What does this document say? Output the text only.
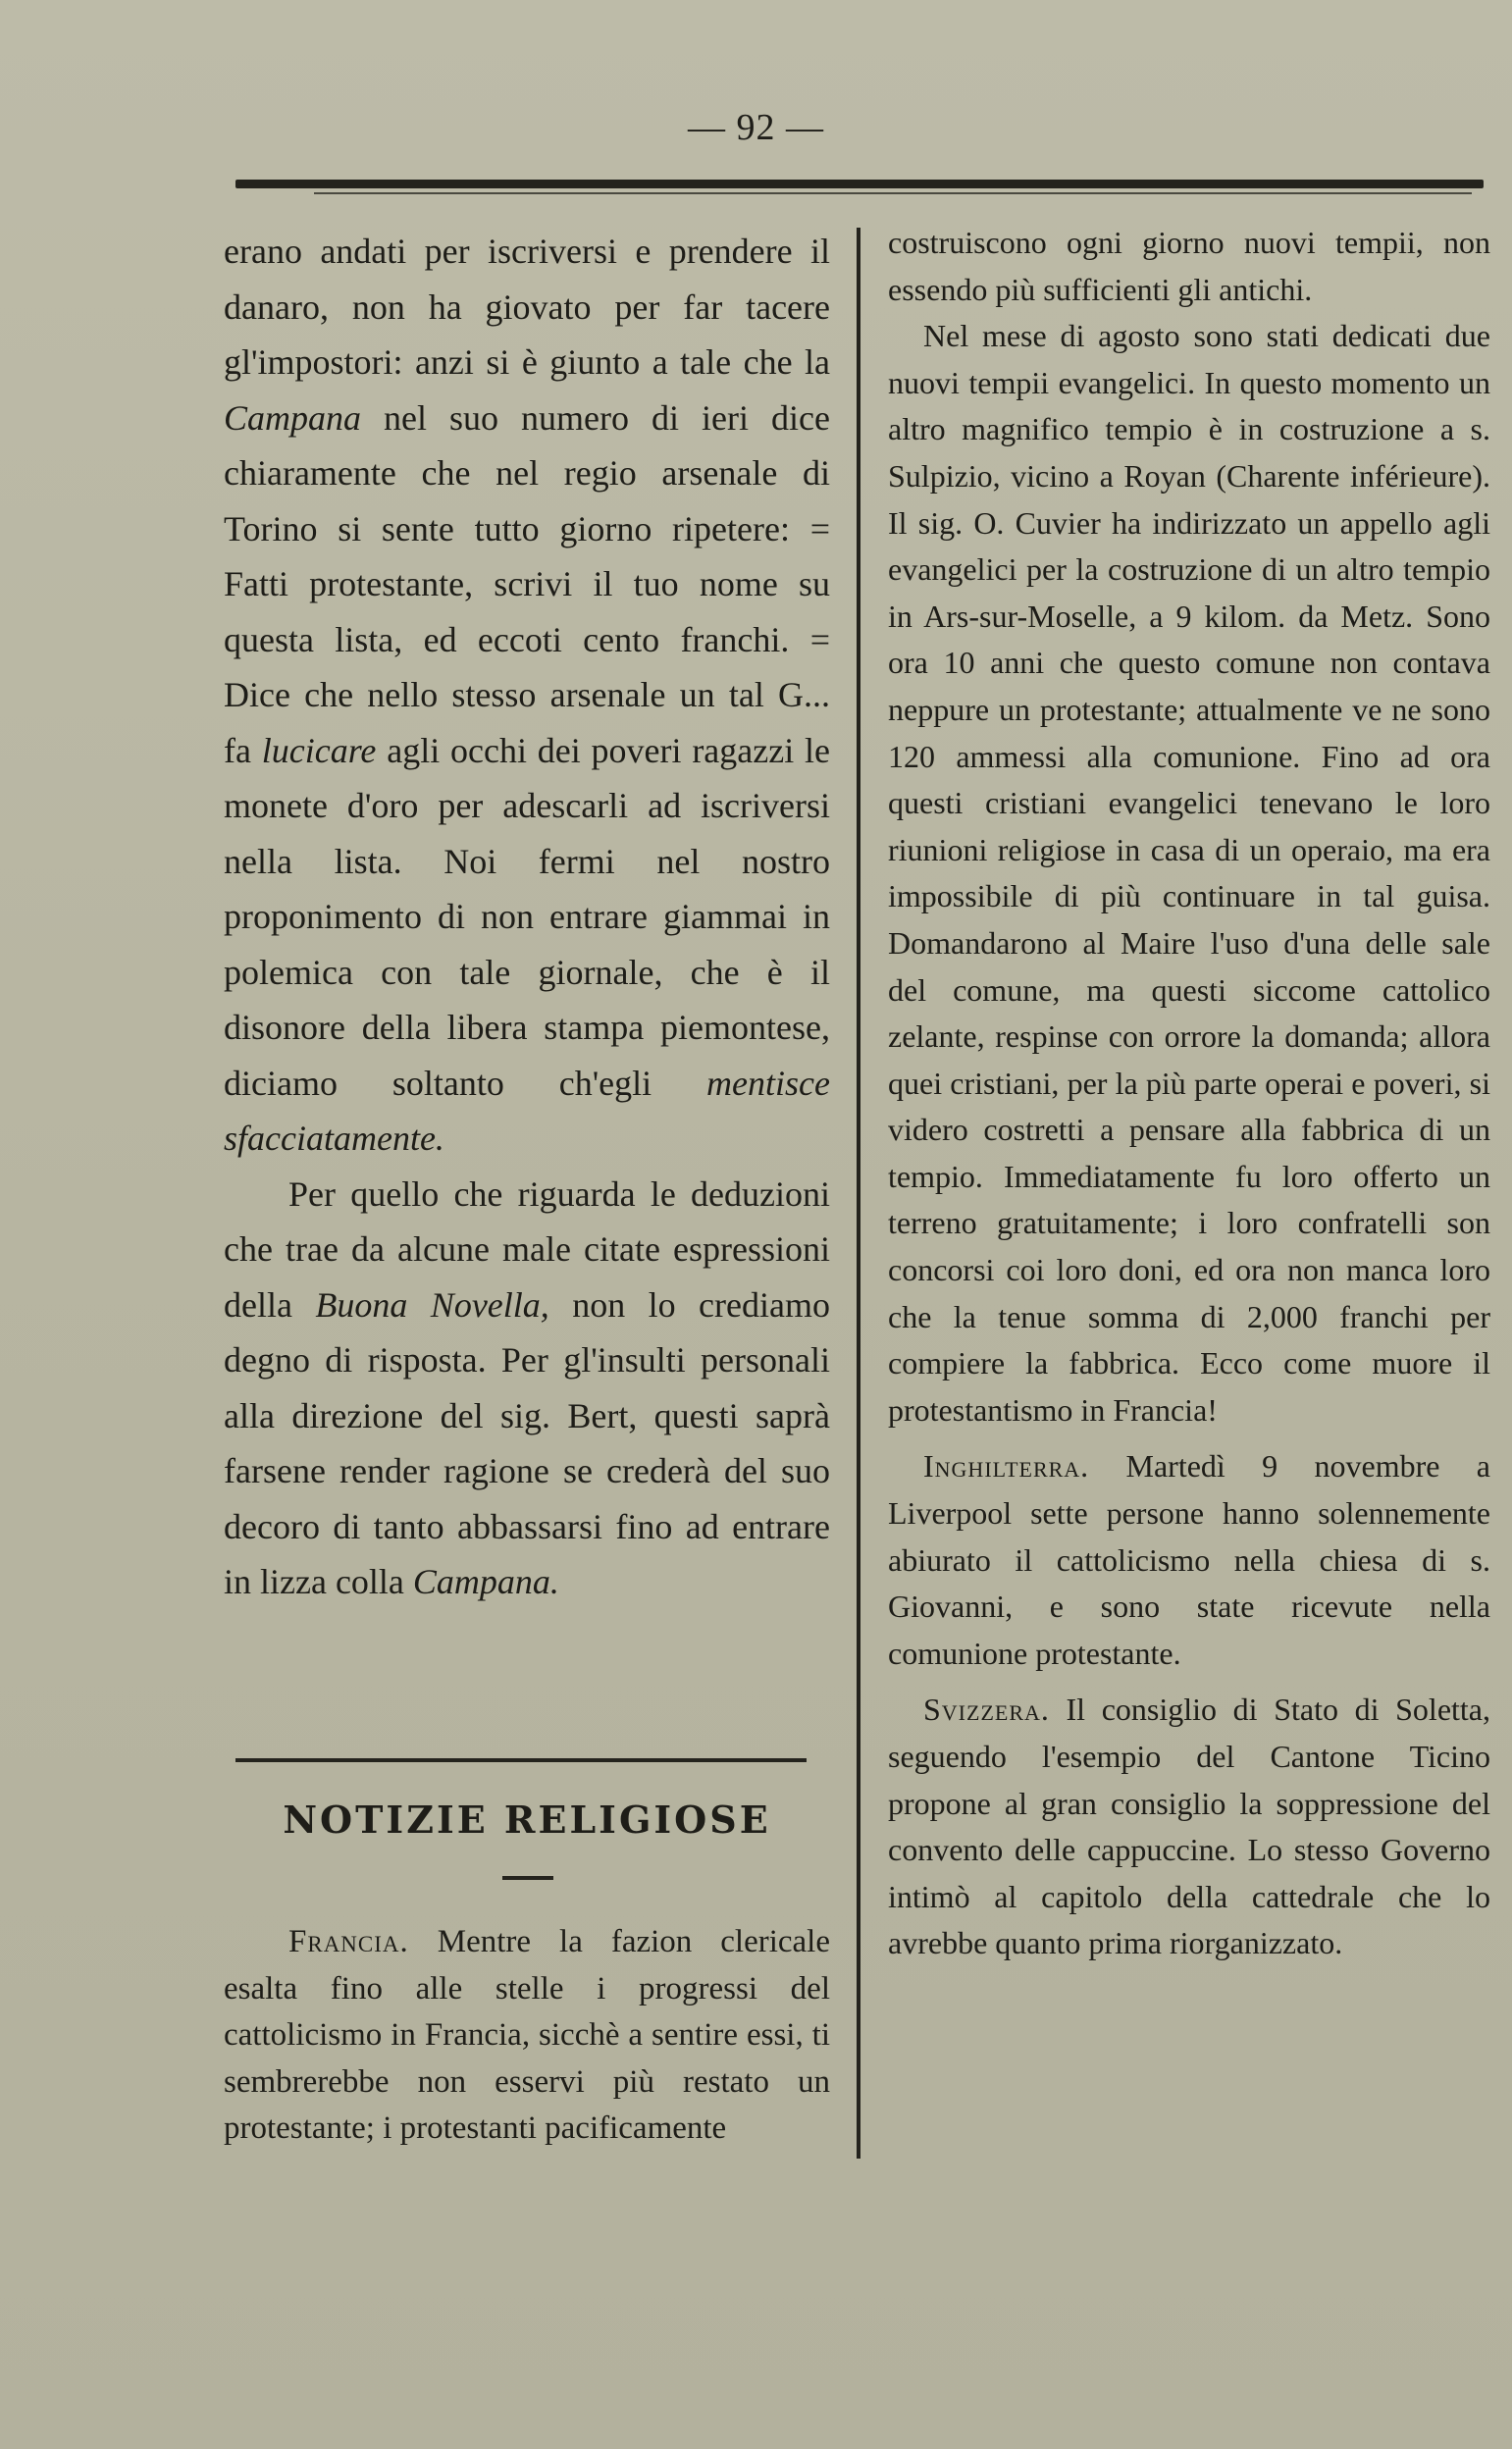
— 92 —

erano andati per iscriversi e prendere il danaro, non ha giovato per far tacere gl'impostori: anzi si è giunto a tale che la Campana nel suo numero di ieri dice chiaramente che nel regio arsenale di Torino si sente tutto giorno ripetere: = Fatti protestante, scrivi il tuo nome su questa lista, ed eccoti cento franchi. = Dice che nello stesso arsenale un tal G... fa lucicare agli occhi dei poveri ragazzi le monete d'oro per adescarli ad iscriversi nella lista. Noi fermi nel nostro proponimento di non entrare giammai in polemica con tale giornale, che è il disonore della libera stampa piemontese, diciamo soltanto ch'egli mentisce sfacciatamente.

Per quello che riguarda le deduzioni che trae da alcune male citate espressioni della Buona Novella, non lo crediamo degno di risposta. Per gl'insulti personali alla direzione del sig. Bert, questi saprà farsene render ragione se crederà del suo decoro di tanto abbassarsi fino ad entrare in lizza colla Campana.

NOTIZIE RELIGIOSE

Francia. Mentre la fazion clericale esalta fino alle stelle i progressi del cattolicismo in Francia, sicchè a sentire essi, ti sembrerebbe non esservi più restato un protestante; i protestanti pacificamente

costruiscono ogni giorno nuovi tempii, non essendo più sufficienti gli antichi.

Nel mese di agosto sono stati dedicati due nuovi tempii evangelici. In questo momento un altro magnifico tempio è in costruzione a s. Sulpizio, vicino a Royan (Charente inférieure). Il sig. O. Cuvier ha indirizzato un appello agli evangelici per la costruzione di un altro tempio in Ars-sur-Moselle, a 9 kilom. da Metz. Sono ora 10 anni che questo comune non contava neppure un protestante; attualmente ve ne sono 120 ammessi alla comunione. Fino ad ora questi cristiani evangelici tenevano le loro riunioni religiose in casa di un operaio, ma era impossibile di più continuare in tal guisa. Domandarono al Maire l'uso d'una delle sale del comune, ma questi siccome cattolico zelante, respinse con orrore la domanda; allora quei cristiani, per la più parte operai e poveri, si videro costretti a pensare alla fabbrica di un tempio. Immediatamente fu loro offerto un terreno gratuitamente; i loro confratelli son concorsi coi loro doni, ed ora non manca loro che la tenue somma di 2,000 franchi per compiere la fabbrica. Ecco come muore il protestantismo in Francia!

Inghilterra. Martedì 9 novembre a Liverpool sette persone hanno solennemente abiurato il cattolicismo nella chiesa di s. Giovanni, e sono state ricevute nella comunione protestante.

Svizzera. Il consiglio di Stato di Soletta, seguendo l'esempio del Cantone Ticino propone al gran consiglio la soppressione del convento delle cappuccine. Lo stesso Governo intimò al capitolo della cattedrale che lo avrebbe quanto prima riorganizzato.
